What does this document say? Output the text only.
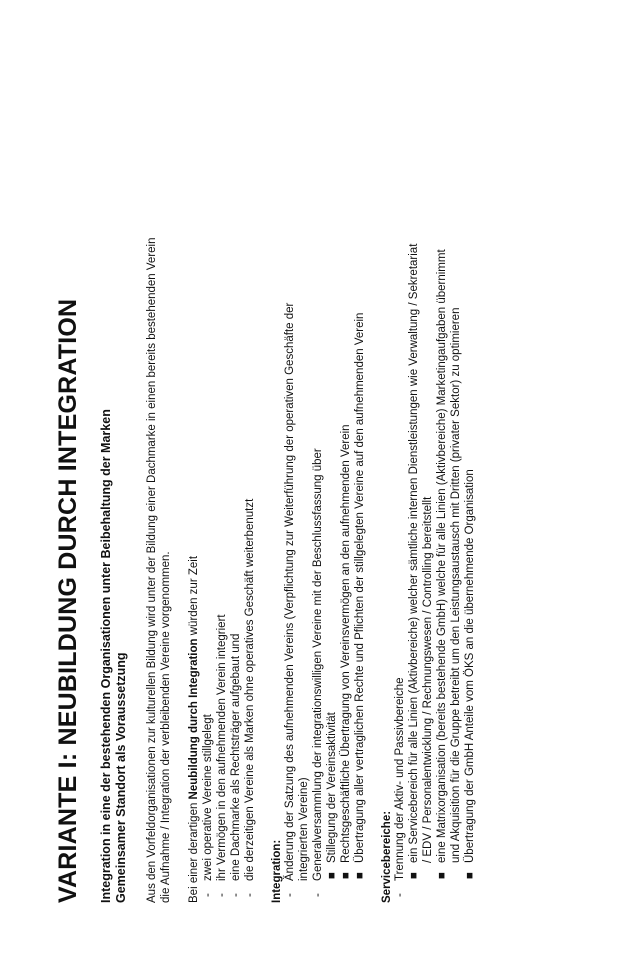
VARIANTE I: NEUBILDUNG DURCH INTEGRATION Integration in eine der bestehenden Organisationen unter Beibehaltung der Marken Gemeinsamer Standort als Voraussetzung Aus den Vorfeldorganisationen zur kulturellen Bildung wird unter der Bildung einer Dachmarke in einen bereits bestehenden Verein die Aufnahme / Integration der verbleibenden Vereine vorgenommen. Bei einer derartigen Neubildung durch Integration würden zur Zeit
-
zwei operative Vereine stillgelegt
-
ihr Vermögen in den aufnehmenden Verein integriert
-
eine Dachmarke als Rechtsträger aufgebaut und
-
die derzeitigen Vereine als Marken ohne operatives Geschäft weiterbenutzt Integration: -
Änderung der Satzung des aufnehmenden Vereins (Verpflichtung zur Weiterführung der operativen Geschäfte der integrierten Vereine)
-
Generalversammlung der integrationswilligen Vereine mit der Beschlussfassung über ■
Stillegung der Vereinsaktivität
■
Rechtsgeschäftliche Übertragung von Vereinsvermögen an den aufnehmenden Verein
■
Übertragung aller vertraglichen Rechte und Pflichten der stillgelegten Vereine auf den aufnehmenden Verein Servicebereiche: -
Trennung der Aktiv- und Passivbereiche ■
ein Servicebereich für alle Linien (Aktivbereiche) welcher sämtliche internen Dienstleistungen wie Verwaltung / Sekretariat / EDV / Personalentwicklung / Rechnungswesen / Controlling bereitstellt
■
eine Matrixorganisation (bereits bestehende GmbH) welche für alle Linien (Aktivbereiche) Marketingaufgaben übernimmt und Akquisition für die Gruppe betreibt um den Leistungsaustausch mit Dritten (privater Sektor) zu optimieren
■
Übertragung der GmbH Anteile vom ÖKS an die übernehmende Organisation
